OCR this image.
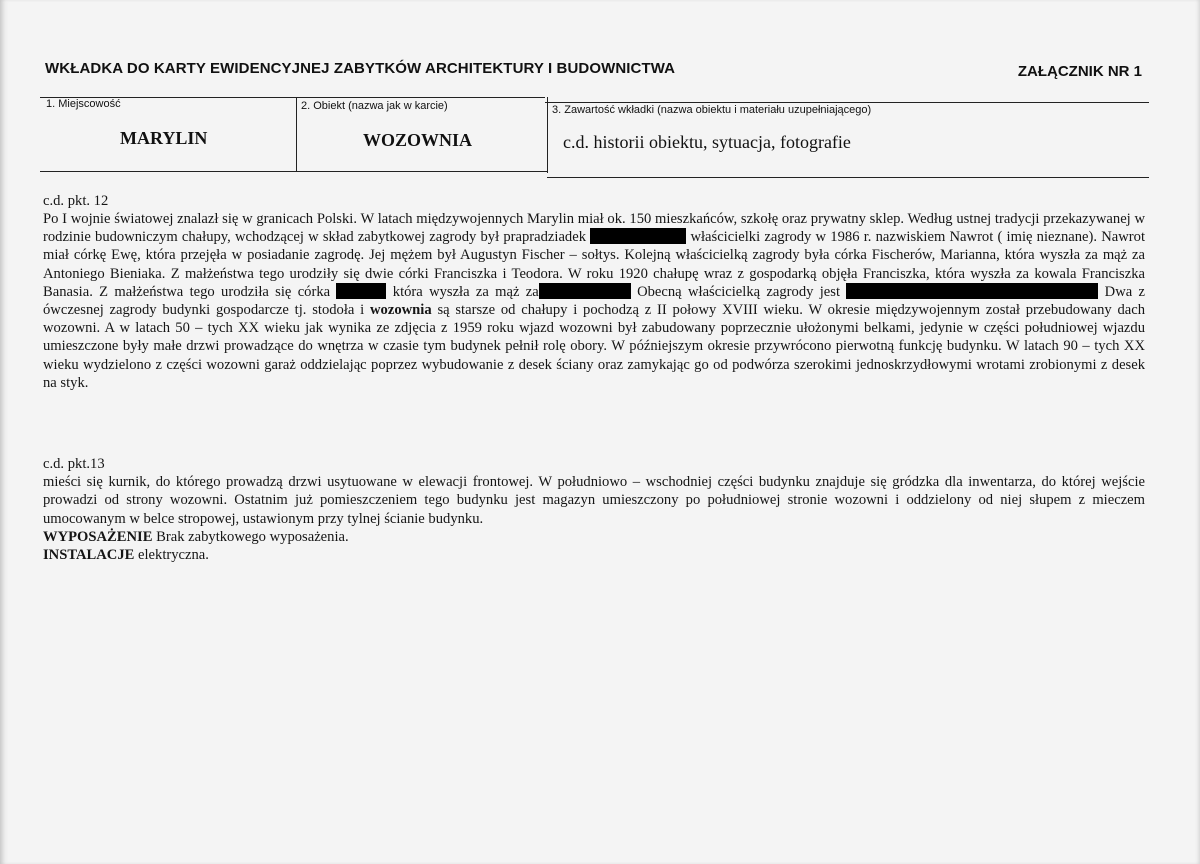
WKŁADKA DO KARTY EWIDENCYJNEJ ZABYTKÓW ARCHITEKTURY I BUDOWNICTWA	ZAŁĄCZNIK NR 1
1. Miejscowość
MARYLIN
2. Obiekt (nazwa jak w karcie)
WOZOWNIA
3. Zawartość wkładki (nazwa obiektu i materiału uzupełniającego)
c.d. historii obiektu, sytuacja, fotografie
c.d. pkt. 12
Po I wojnie światowej znalazł się w granicach Polski. W latach międzywojennych Marylin miał ok. 150 mieszkańców, szkołę oraz prywatny sklep. Według ustnej tradycji przekazywanej w rodzinie budowniczym chałupy, wchodzącej w skład zabytkowej zagrody był prapradziadek	właścicielki zagrody w 1986 r. nazwiskiem Nawrot ( imię nieznane). Nawrot miał córkę Ewę, która przejęła w posiadanie zagrodę. Jej mężem był Augustyn Fischer – sołtys. Kolejną właścicielką zagrody była córka Fischerów, Marianna, która wyszła za mąż za Antoniego Bieniaka. Z małżeństwa tego urodziły się dwie córki Franciszka i Teodora. W roku 1920 chałupę wraz z gospodarką objęła Franciszka, która wyszła za kowala Franciszka Banasia. Z małżeństwa tego urodziła się córka	która wyszła za mąż za	Obecną właścicielką zagrody jest	Dwa z ówczesnej zagrody budynki gospodarcze tj. stodoła i wozownia są starsze od chałupy i pochodzą z II połowy XVIII wieku. W okresie międzywojennym został przebudowany dach wozowni. A w latach 50 – tych XX wieku jak wynika ze zdjęcia z 1959 roku wjazd wozowni był zabudowany poprzecznie ułożonymi belkami, jedynie w części południowej wjazdu umieszczone były małe drzwi prowadzące do wnętrza w czasie tym budynek pełnił rolę obory. W późniejszym okresie przywrócono pierwotną funkcję budynku. W latach 90 – tych XX wieku wydzielono z części wozowni garaż oddzielając poprzez wybudowanie z desek ściany oraz zamykając go od podwórza szerokimi jednoskrzydłowymi wrotami zrobionymi z desek na styk.
c.d. pkt.13
mieści się kurnik, do którego prowadzą drzwi usytuowane w elewacji frontowej. W południowo – wschodniej części budynku znajduje się gródzka dla inwentarza, do której wejście prowadzi od strony wozowni. Ostatnim już pomieszczeniem tego budynku jest magazyn umieszczony po południowej stronie wozowni i oddzielony od niej słupem z mieczem umocowanym w belce stropowej, ustawionym przy tylnej ścianie budynku.
WYPOSAŻENIE Brak zabytkowego wyposażenia.
INSTALACJE elektryczna.
